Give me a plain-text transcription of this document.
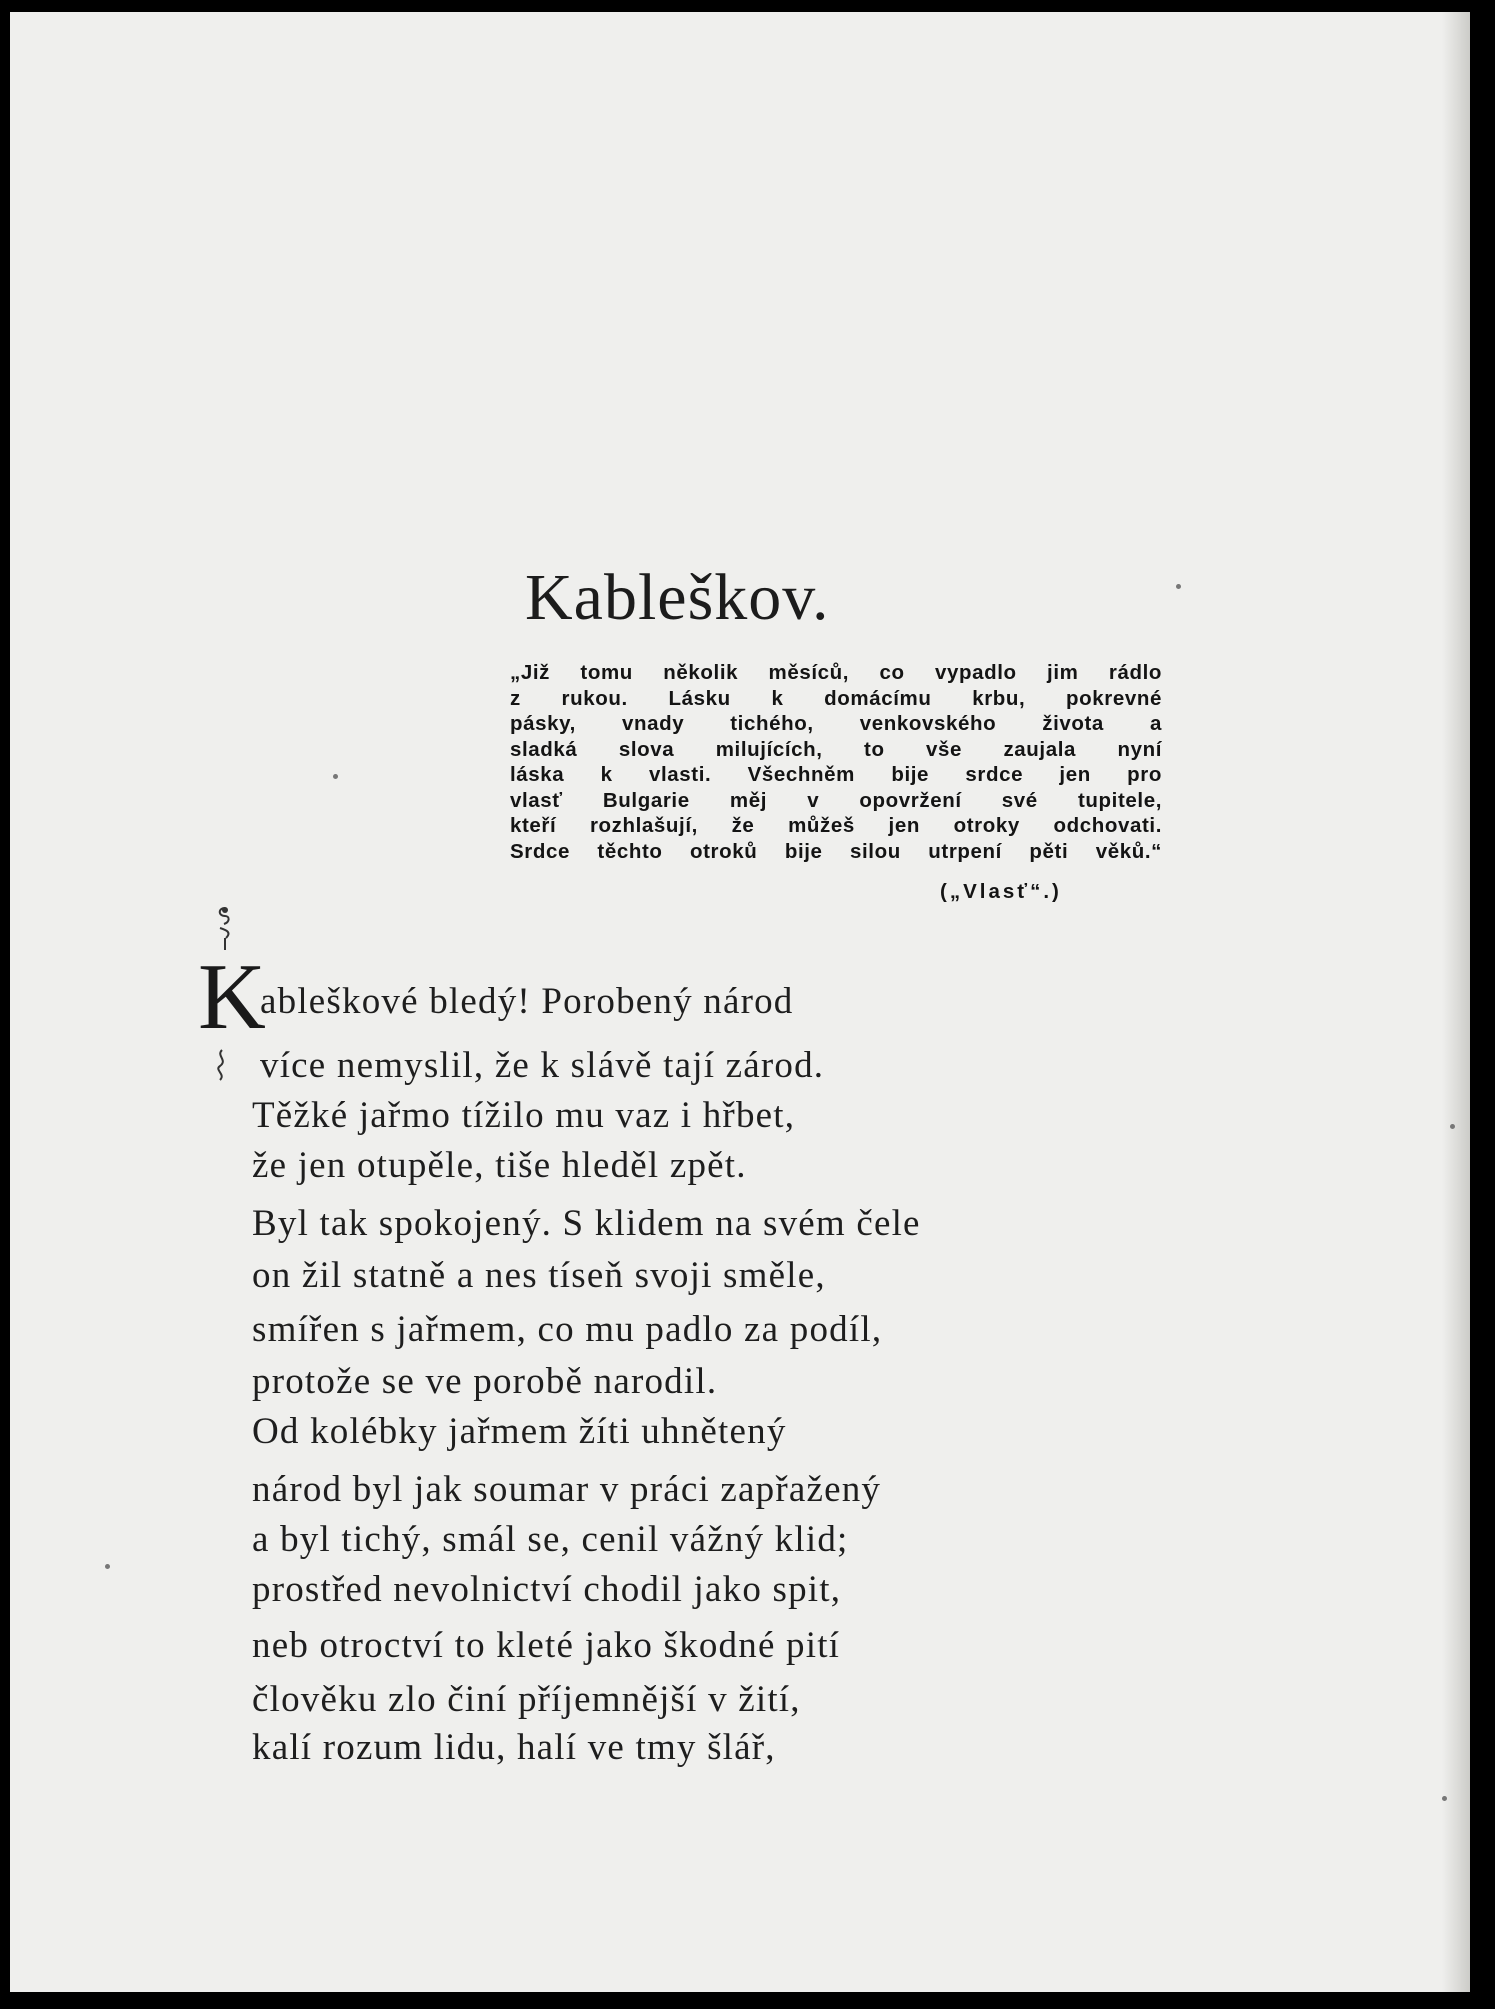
Kableškov.
„Již tomu několik měsíců, co vypadlo jim rádlo
z rukou. Lásku k domácímu krbu, pokrevné
pásky, vnady tichého, venkovského života a
sladká slova milujících, to vše zaujala nyní
láska k vlasti. Všechněm bije srdce jen pro
vlasť Bulgarie měj v opovržení své tupitele,
kteří rozhlašují, že můžeš jen otroky odchovati.
Srdce těchto otroků bije silou utrpení pěti věků.“
(„Vlasť“.)
K
ableškové bledý! Porobený národ
více nemyslil, že k slávě tají zárod.
Těžké jařmo tížilo mu vaz i hřbet,
že jen otupěle, tiše hleděl zpět.
Byl tak spokojený. S klidem na svém čele
on žil statně a nes tíseň svoji směle,
smířen s jařmem, co mu padlo za podíl,
protože se ve porobě narodil.
Od kolébky jařmem žíti uhnětený
národ byl jak soumar v práci zapřažený
a byl tichý, smál se, cenil vážný klid;
prostřed nevolnictví chodil jako spit,
neb otroctví to kleté jako škodné pití
člověku zlo činí příjemnější v žití,
kalí rozum lidu, halí ve tmy šlář,
